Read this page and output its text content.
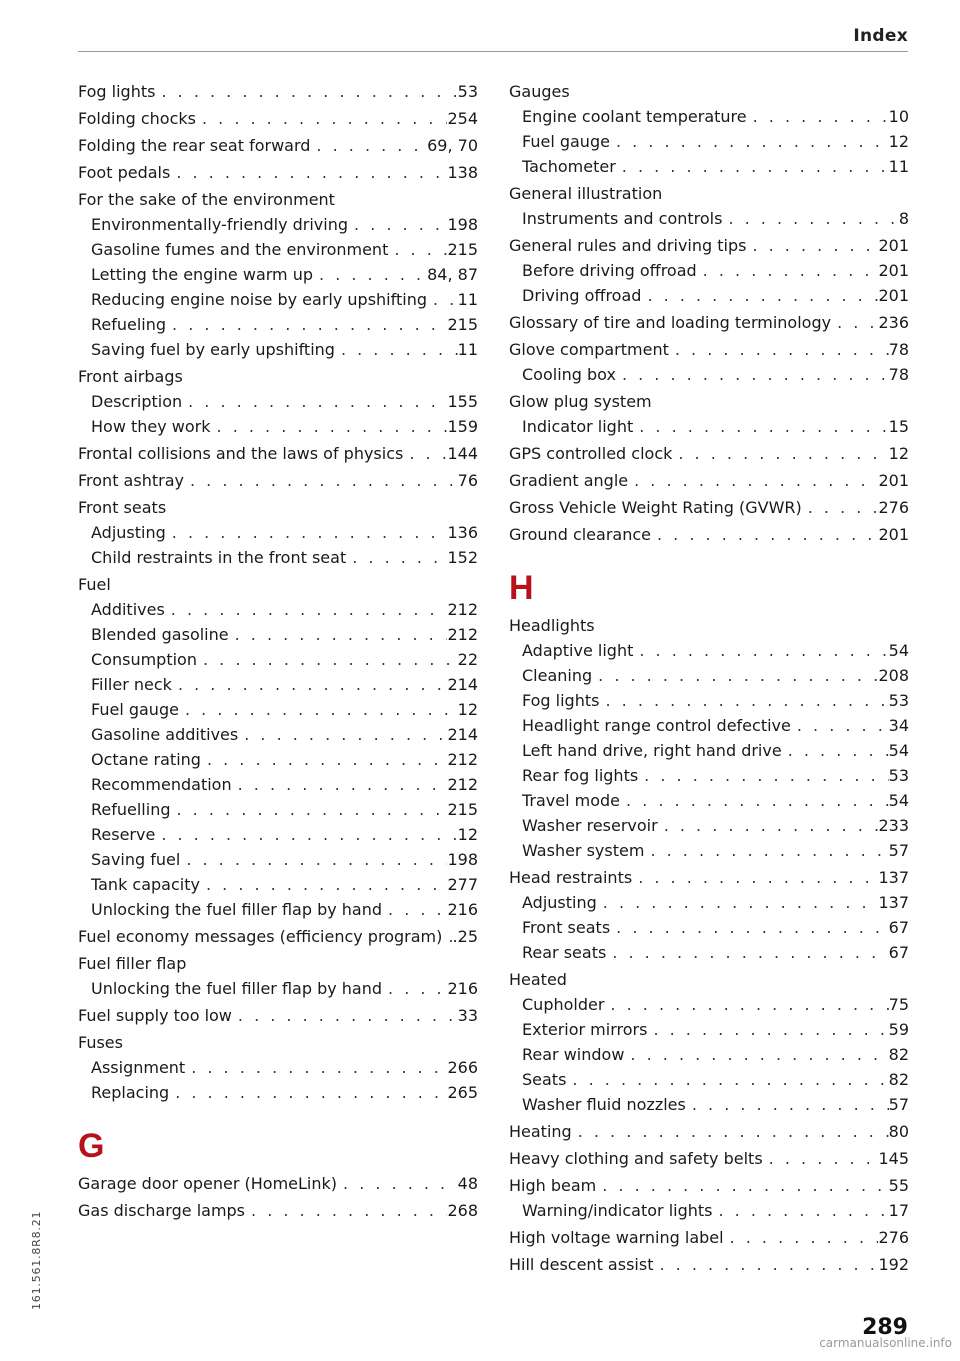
Index
Fog lights . . .	53
Folding chocks . . .	254
Folding the rear seat forward . . .	69, 70
Foot pedals . . .	138
For the sake of the environment
Environmentally-friendly driving . . .	198
Gasoline fumes and the environment . . .	215
Letting the engine warm up . . .	84, 87
Reducing engine noise by early upshifting . . . 11
Refueling . . .	215
Saving fuel by early upshifting . . .	11
Front airbags
Description . . .	155
How they work . . .	159
Frontal collisions and the laws of physics . . .	144
Front ashtray . . .	76
Front seats
Adjusting . . .	136
Child restraints in the front seat . . .	152
Fuel
Additives . . .	212
Blended gasoline . . .	212
Consumption . . .	22
Filler neck . . .	214
Fuel gauge . . .	12
Gasoline additives . . .	214
Octane rating . . .	212
Recommendation . . .	212
Refuelling . . .	215
Reserve . . .	12
Saving fuel . . .	198
Tank capacity . . .	277
Unlocking the fuel filler flap by hand . . .	216
Fuel economy messages (efficiency program) . . . .25
Fuel filler flap
Unlocking the fuel filler flap by hand . . .	216
Fuel supply too low . . .	33
Fuses
Assignment . . .	266
Replacing . . .	265
G
Garage door opener (HomeLink) . . .	48
Gas discharge lamps . . .	268
Gauges
Engine coolant temperature . . .	10
Fuel gauge . . .	12
Tachometer . . .	11
General illustration
Instruments and controls . . .	8
General rules and driving tips . . .	201
Before driving offroad . . .	201
Driving offroad . . .	201
Glossary of tire and loading terminology . . .	236
Glove compartment . . .	78
Cooling box . . .	78
Glow plug system
Indicator light . . .	15
GPS controlled clock . . .	12
Gradient angle . . .	201
Gross Vehicle Weight Rating (GVWR) . . .	276
Ground clearance . . .	201
H
Headlights
Adaptive light . . .	54
Cleaning . . .	208
Fog lights . . .	53
Headlight range control defective . . .	34
Left hand drive, right hand drive . . .	54
Rear fog lights . . .	53
Travel mode . . .	54
Washer reservoir . . .	233
Washer system . . .	57
Head restraints . . .	137
Adjusting . . .	137
Front seats . . .	67
Rear seats . . .	67
Heated
Cupholder . . .	75
Exterior mirrors . . .	59
Rear window . . .	82
Seats . . .	82
Washer fluid nozzles . . .	57
Heating . . .	80
Heavy clothing and safety belts . . .	145
High beam . . .	55
Warning/indicator lights . . .	17
High voltage warning label . . .	276
Hill descent assist . . .	192
161.561.8R8.21
289
carmanualsonline.info
